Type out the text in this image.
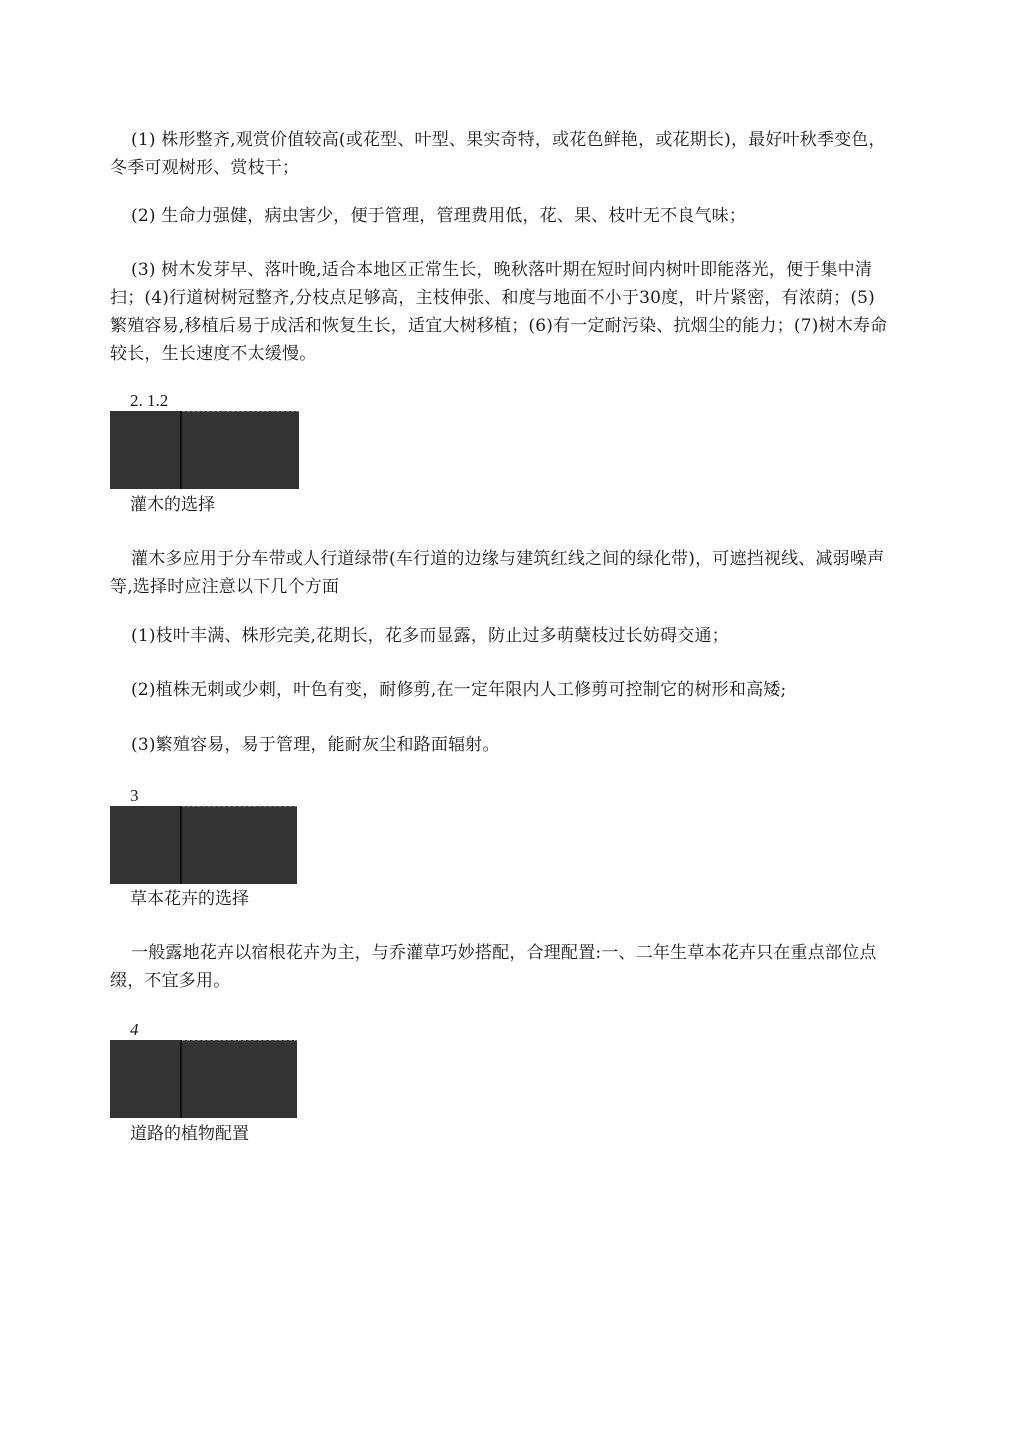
(1) 株形整齐,观赏价值较高(或花型、叶型、果实奇特，或花色鲜艳，或花期长)，最好叶秋季变色，冬季可观树形、赏枝干；

(2) 生命力强健，病虫害少，便于管理，管理费用低，花、果、枝叶无不良气味；

(3) 树木发芽早、落叶晚,适合本地区正常生长，晚秋落叶期在短时间内树叶即能落光，便于集中清扫；(4)行道树树冠整齐,分枝点足够高，主枝伸张、和度与地面不小于30度，叶片紧密，有浓荫；(5)繁殖容易,移植后易于成活和恢复生长，适宜大树移植；(6)有一定耐污染、抗烟尘的能力；(7)树木寿命较长，生长速度不太缓慢。

2. 1.2
灌木的选择

灌木多应用于分车带或人行道绿带(车行道的边缘与建筑红线之间的绿化带)，可遮挡视线、减弱噪声等,选择时应注意以下几个方面

(1)枝叶丰满、株形完美,花期长，花多而显露，防止过多萌蘖枝过长妨碍交通；

(2)植株无刺或少刺，叶色有变，耐修剪,在一定年限内人工修剪可控制它的树形和高矮;

(3)繁殖容易，易于管理，能耐灰尘和路面辐射。

3
草本花卉的选择

一般露地花卉以宿根花卉为主，与乔灌草巧妙搭配，合理配置:一、二年生草本花卉只在重点部位点缀，不宜多用。

4
道路的植物配置
